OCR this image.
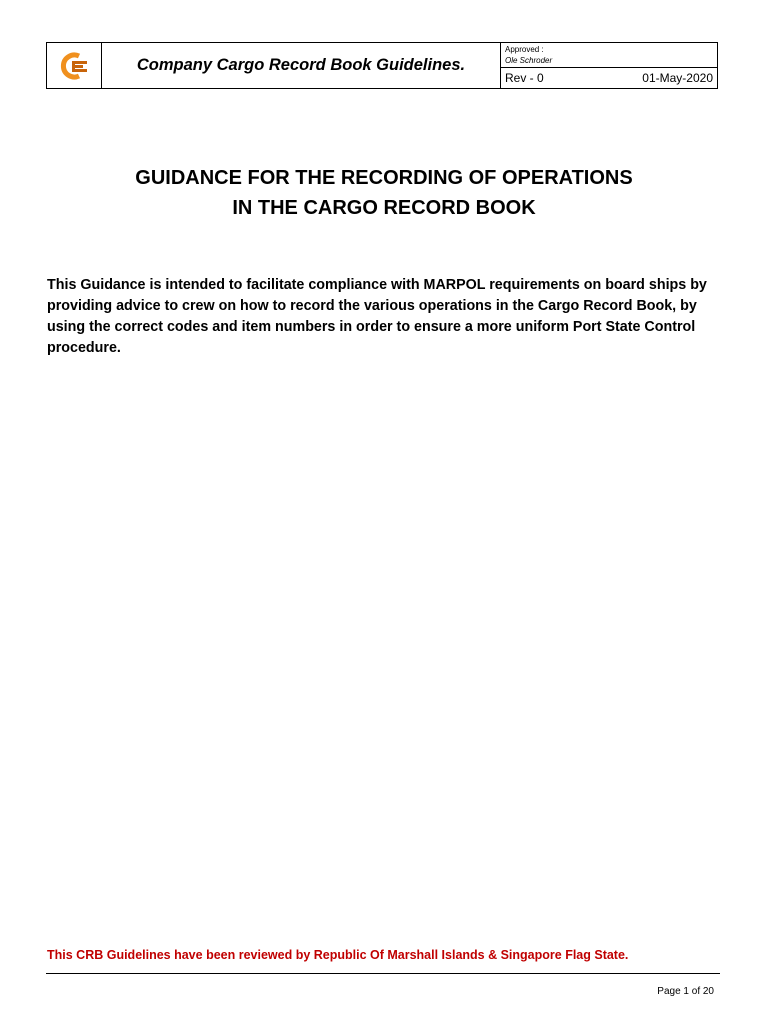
Company Cargo Record Book Guidelines.
Approved :
Ole Schroder
Rev - 0	01-May-2020
GUIDANCE FOR THE RECORDING OF OPERATIONS
IN THE CARGO RECORD BOOK

This Guidance is intended to facilitate compliance with MARPOL requirements on board ships by providing advice to crew on how to record the various operations in the Cargo Record Book, by using the correct codes and item numbers in order to ensure a more uniform Port State Control procedure.

This CRB Guidelines have been reviewed by Republic Of Marshall Islands & Singapore Flag State.
Page 1 of 20
